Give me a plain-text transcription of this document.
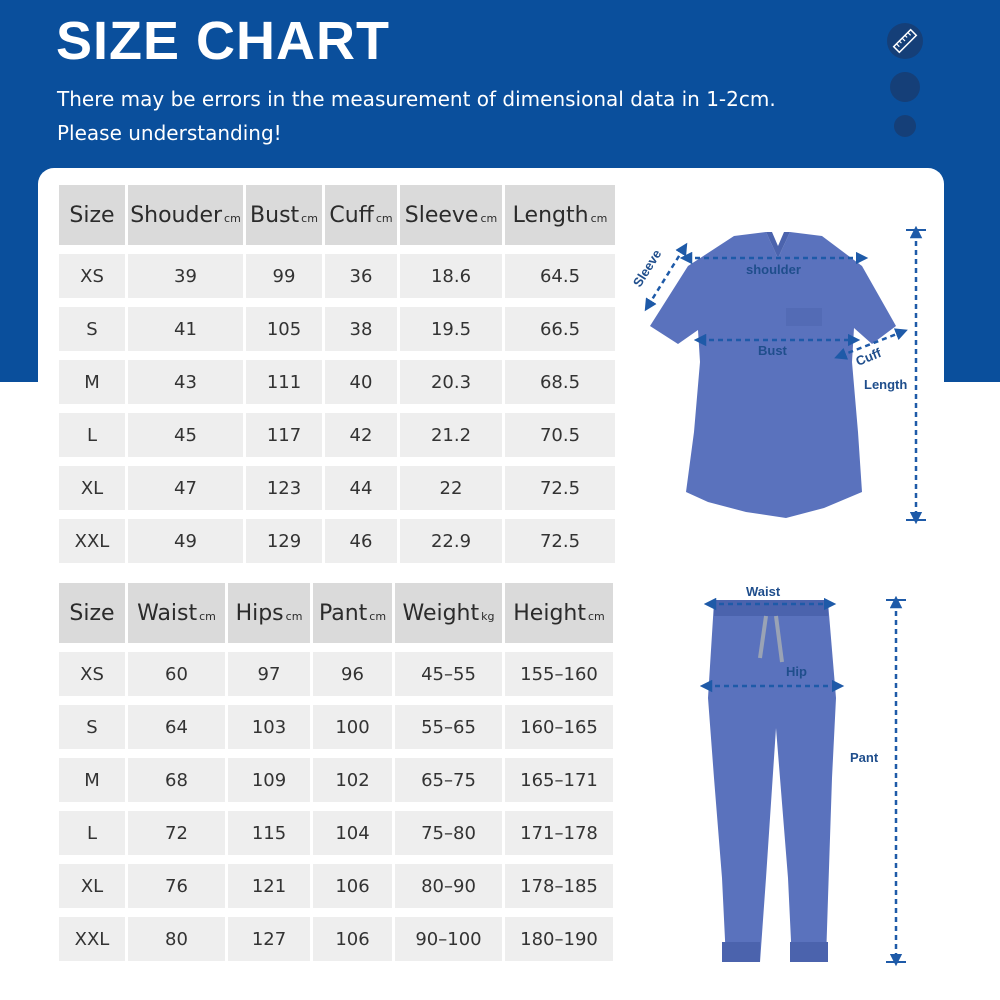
SIZE CHART

There may be errors in the measurement of dimensional data in 1-2cm.
Please understanding!

Size	Shouder cm	Bust cm	Cuff cm	Sleeve cm	Length cm
XS	39	99	36	18.6	64.5
S	41	105	38	19.5	66.5
M	43	111	40	20.3	68.5
L	45	117	42	21.2	70.5
XL	47	123	44	22	72.5
XXL	49	129	46	22.9	72.5
Size	Waist cm	Hips cm	Pant cm	Weight kg	Height cm
XS	60	97	96	45–55	155–160
S	64	103	100	55–65	160–165
M	68	109	102	65–75	165–171
L	72	115	104	75–80	171–178
XL	76	121	106	80–90	178–185
XXL	80	127	106	90–100	180–190
shoulder
Bust
Sleeve
Cuff
Length
Waist
Hip
Pant
